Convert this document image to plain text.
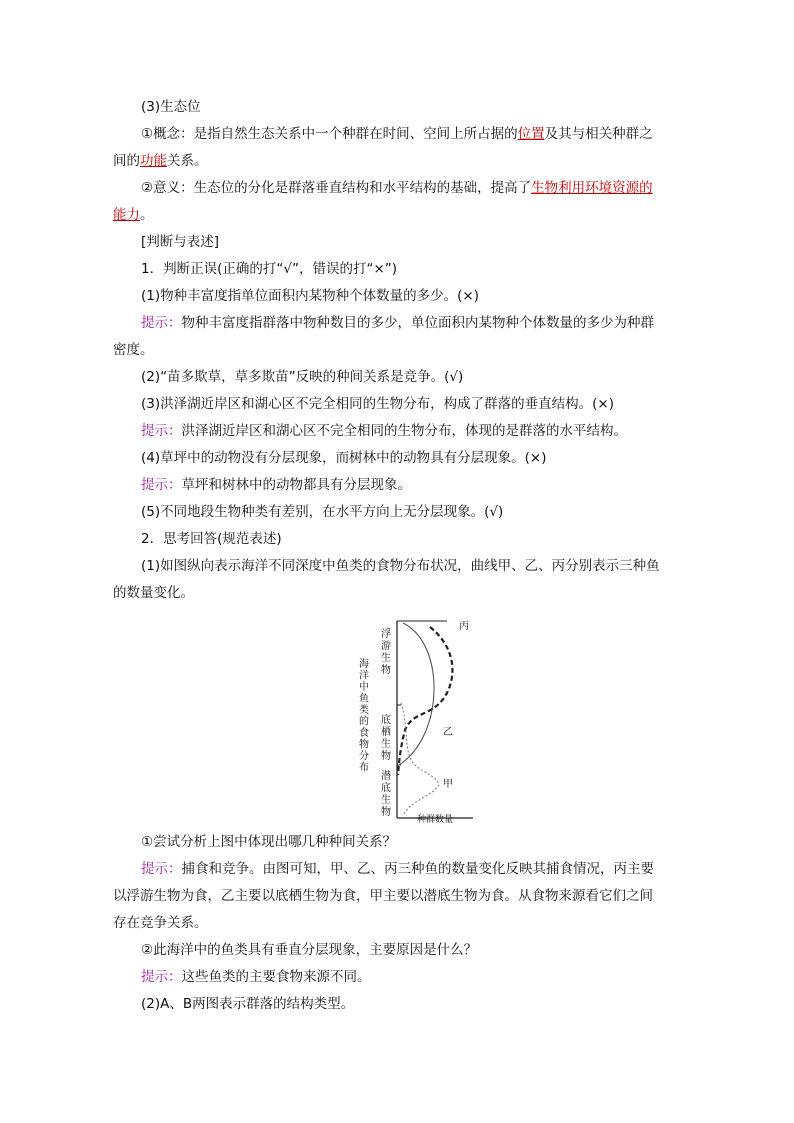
(3)生态位
①概念：是指自然生态关系中一个种群在时间、空间上所占据的位置及其与相关种群之
间的功能关系。
②意义：生态位的分化是群落垂直结构和水平结构的基础，提高了生物利用环境资源的
能力。
[判断与表述]
1．判断正误(正确的打“√”，错误的打“×”)
(1)物种丰富度指单位面积内某物种个体数量的多少。(×)
提示：物种丰富度指群落中物种数目的多少，单位面积内某物种个体数量的多少为种群
密度。
(2)“苗多欺草，草多欺苗”反映的种间关系是竞争。(√)
(3)洪泽湖近岸区和湖心区不完全相同的生物分布，构成了群落的垂直结构。(×)
提示：洪泽湖近岸区和湖心区不完全相同的生物分布，体现的是群落的水平结构。
(4)草坪中的动物没有分层现象，而树林中的动物具有分层现象。(×)
提示：草坪和树林中的动物都具有分层现象。
(5)不同地段生物种类有差别，在水平方向上无分层现象。(√)
2．思考回答(规范表述)
(1)如图纵向表示海洋不同深度中鱼类的食物分布状况，曲线甲、乙、丙分别表示三种鱼
的数量变化。
海洋中鱼类的食物分布
浮游生物
底栖生物
潜底生物
丙
乙
甲
种群数量
①尝试分析上图中体现出哪几种种间关系？
提示：捕食和竞争。由图可知，甲、乙、丙三种鱼的数量变化反映其捕食情况，丙主要
以浮游生物为食，乙主要以底栖生物为食，甲主要以潜底生物为食。从食物来源看它们之间
存在竞争关系。
②此海洋中的鱼类具有垂直分层现象，主要原因是什么？
提示：这些鱼类的主要食物来源不同。
(2)A、B两图表示群落的结构类型。
